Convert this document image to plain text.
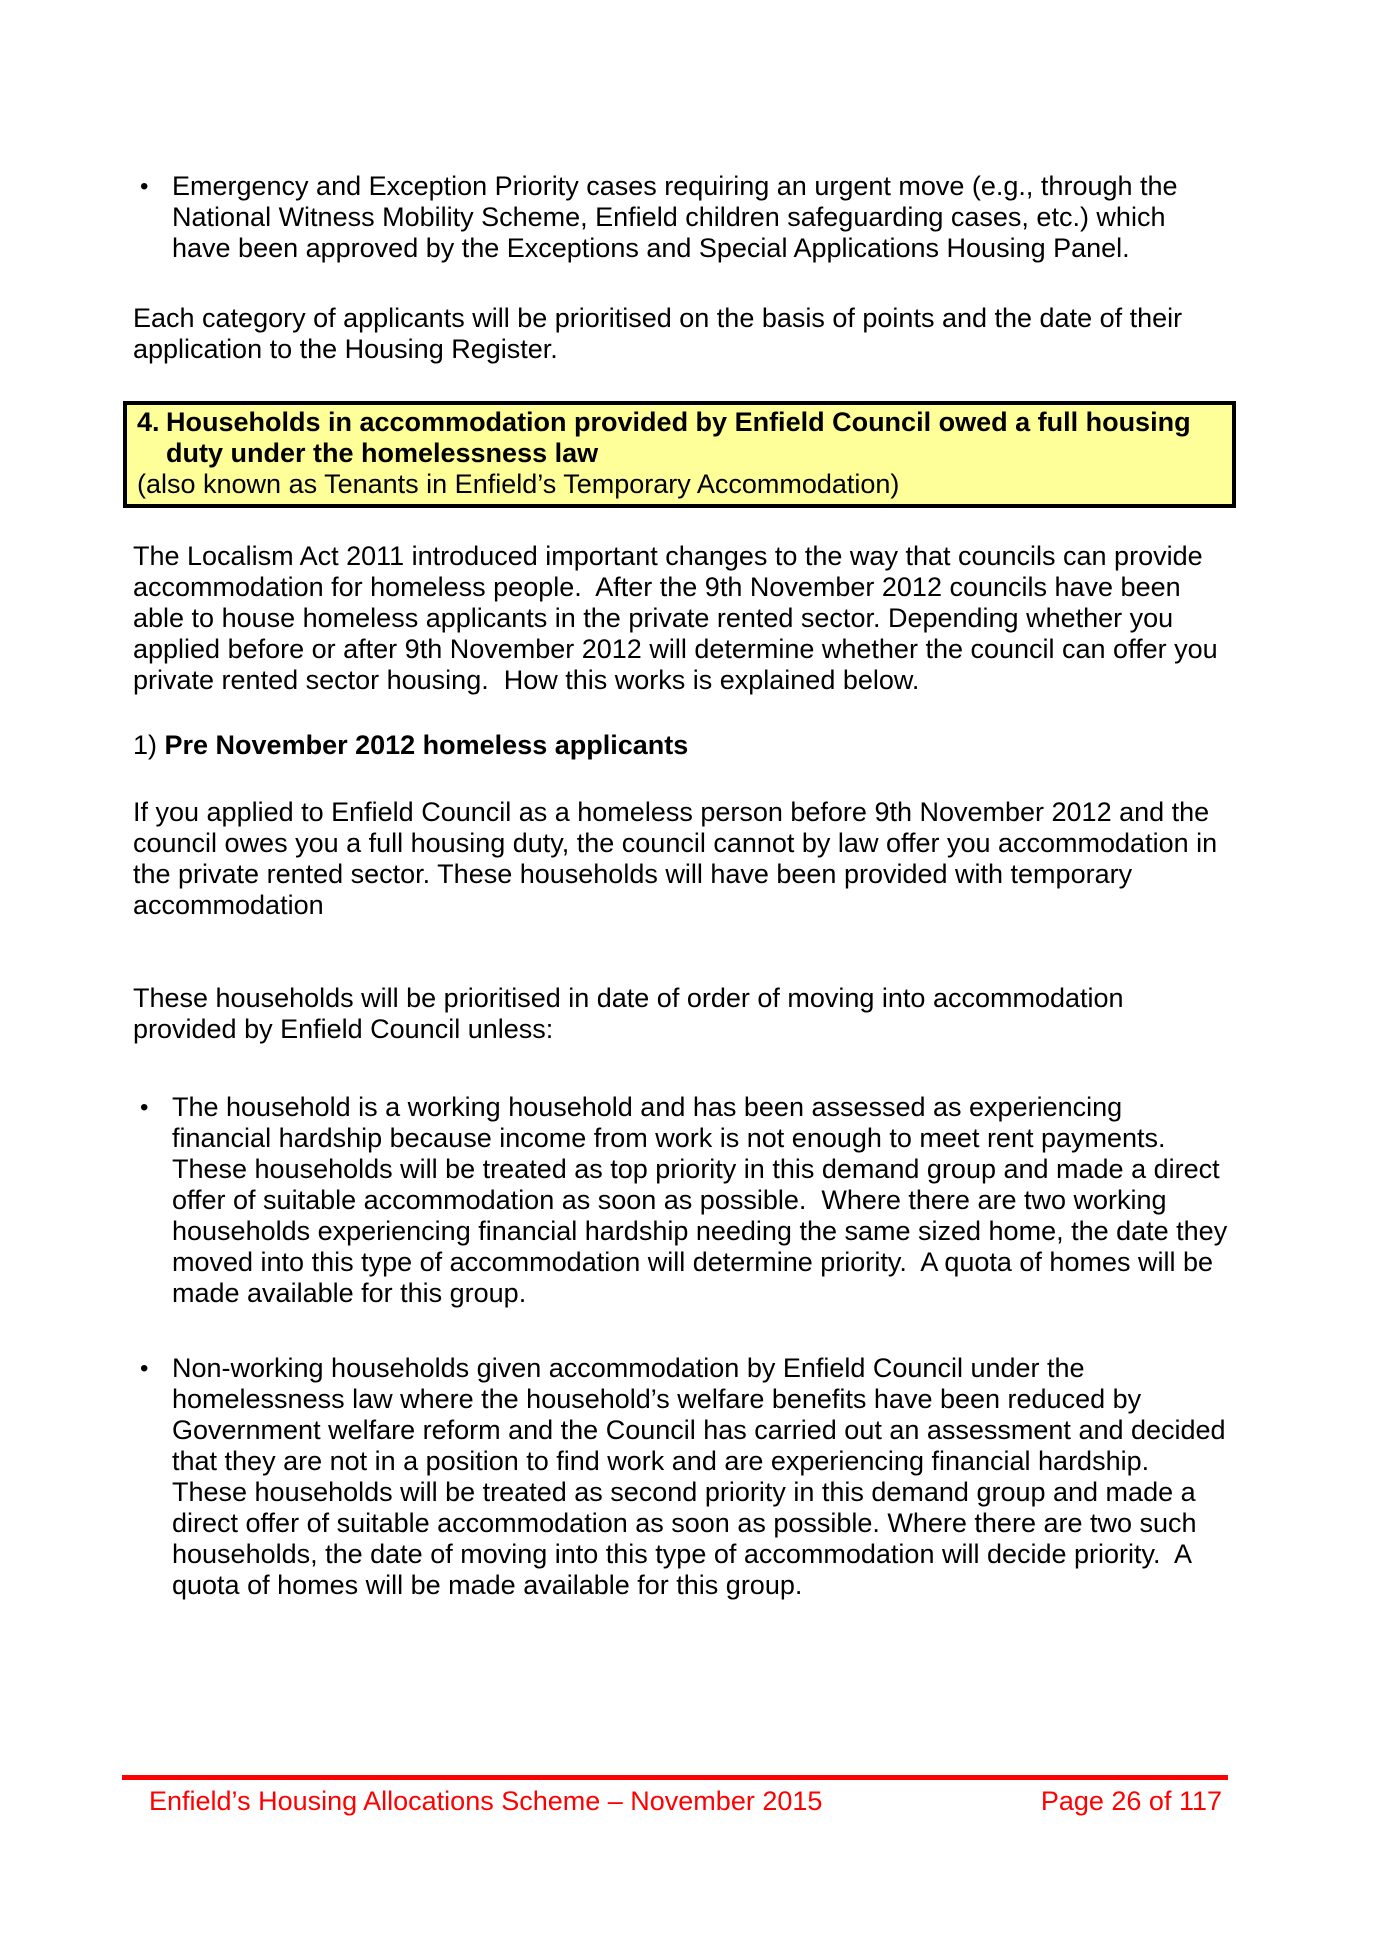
• Emergency and Exception Priority cases requiring an urgent move (e.g., through the National Witness Mobility Scheme, Enfield children safeguarding cases, etc.) which have been approved by the Exceptions and Special Applications Housing Panel.

Each category of applicants will be prioritised on the basis of points and the date of their application to the Housing Register.

4. Households in accommodation provided by Enfield Council owed a full housing duty under the homelessness law
(also known as Tenants in Enfield’s Temporary Accommodation)

The Localism Act 2011 introduced important changes to the way that councils can provide accommodation for homeless people.  After the 9th November 2012 councils have been able to house homeless applicants in the private rented sector. Depending whether you applied before or after 9th November 2012 will determine whether the council can offer you private rented sector housing.  How this works is explained below.

1) Pre November 2012 homeless applicants

If you applied to Enfield Council as a homeless person before 9th November 2012 and the council owes you a full housing duty, the council cannot by law offer you accommodation in the private rented sector. These households will have been provided with temporary accommodation

These households will be prioritised in date of order of moving into accommodation provided by Enfield Council unless:

• The household is a working household and has been assessed as experiencing financial hardship because income from work is not enough to meet rent payments.  These households will be treated as top priority in this demand group and made a direct offer of suitable accommodation as soon as possible.  Where there are two working households experiencing financial hardship needing the same sized home, the date they moved into this type of accommodation will determine priority.  A quota of homes will be made available for this group.
• Non-working households given accommodation by Enfield Council under the homelessness law where the household’s welfare benefits have been reduced by Government welfare reform and the Council has carried out an assessment and decided that they are not in a position to find work and are experiencing financial hardship.  These households will be treated as second priority in this demand group and made a direct offer of suitable accommodation as soon as possible. Where there are two such households, the date of moving into this type of accommodation will decide priority.  A quota of homes will be made available for this group.
Enfield’s Housing Allocations Scheme – November 2015	Page 26 of 117
